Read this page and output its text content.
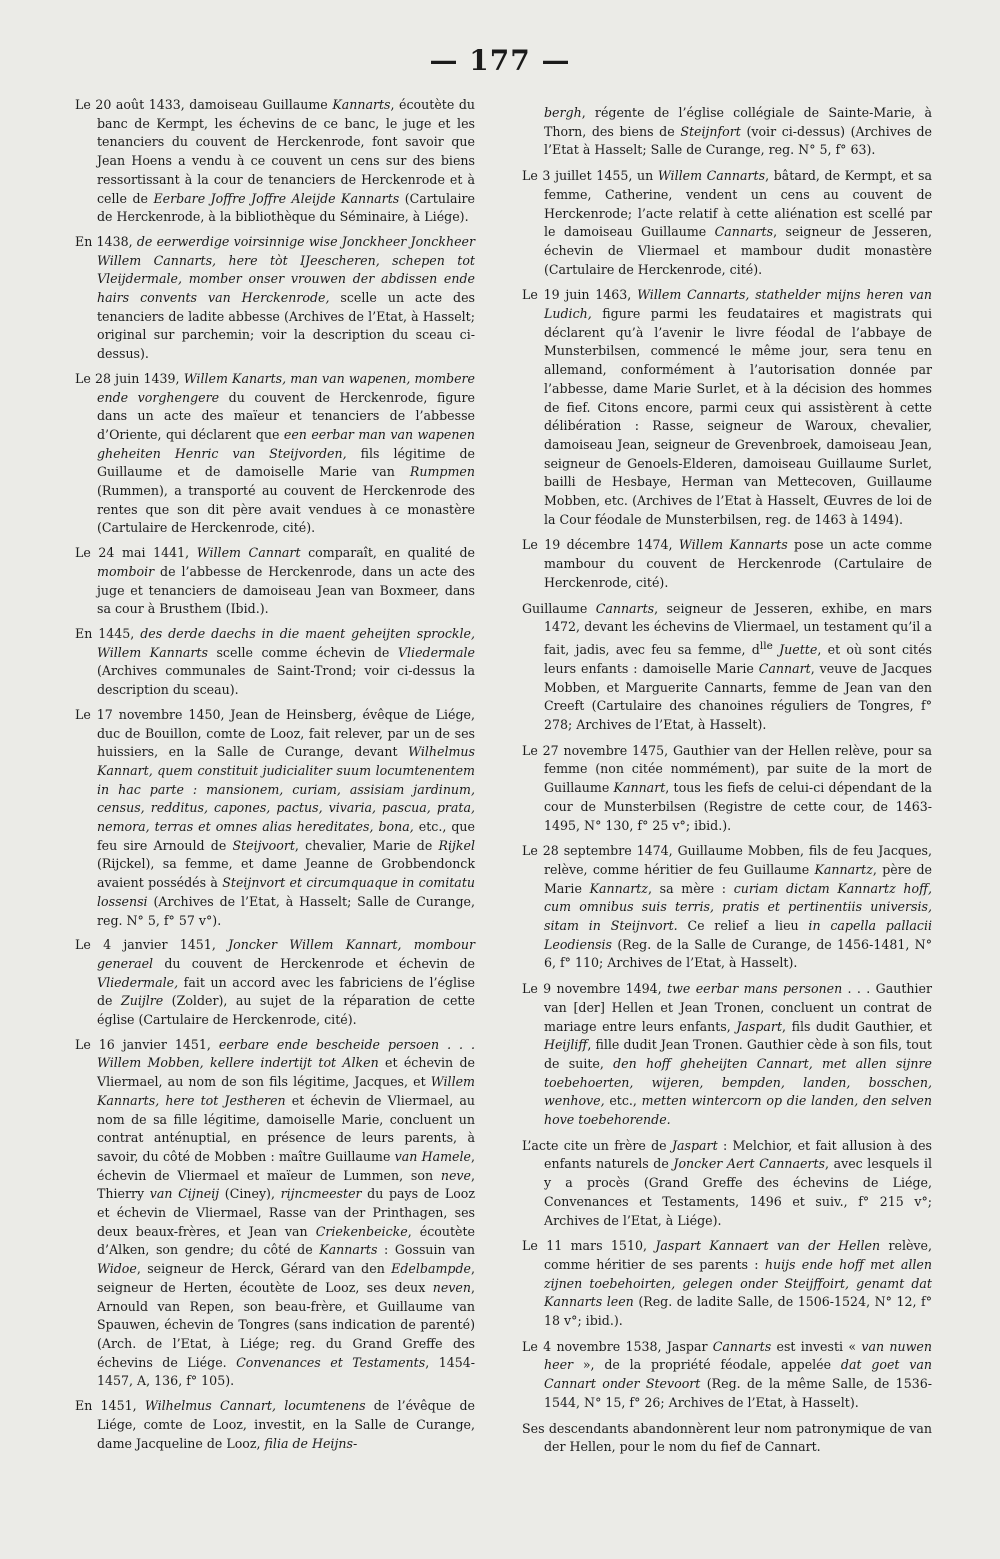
— 177 —

Le 20 août 1433, damoiseau Guillaume Kannarts, écoutète du banc de Kermpt, les échevins de ce banc, le juge et les tenanciers du couvent de Herckenrode, font savoir que Jean Hoens a vendu à ce couvent un cens sur des biens ressortissant à la cour de tenanciers de Herckenrode et à celle de Eerbare Joffre Joffre Aleijde Kannarts (Cartulaire de Herckenrode, à la bibliothèque du Séminaire, à Liége).

En 1438, de eerwerdige voirsinnige wise Jonckheer Jonckheer Willem Cannarts, here tòt IJeescheren, schepen tot Vleijdermale, momber onser vrouwen der abdissen ende hairs convents van Herckenrode, scelle un acte des tenanciers de ladite abbesse (Archives de l’Etat, à Hasselt; original sur parchemin; voir la description du sceau ci-dessus).

Le 28 juin 1439, Willem Kanarts, man van wapenen, mombere ende vorghengere du couvent de Herckenrode, figure dans un acte des maïeur et tenanciers de l’abbesse d’Oriente, qui déclarent que een eerbar man van wapenen gheheiten Henric van Steijvorden, fils légitime de Guillaume et de damoiselle Marie van Rumpmen (Rummen), a transporté au couvent de Herckenrode des rentes que son dit père avait vendues à ce monastère (Cartulaire de Herckenrode, cité).

Le 24 mai 1441, Willem Cannart comparaît, en qualité de momboir de l’abbesse de Herckenrode, dans un acte des juge et tenanciers de damoiseau Jean van Boxmeer, dans sa cour à Brusthem (Ibid.).

En 1445, des derde daechs in die maent geheijten sprockle, Willem Kannarts scelle comme échevin de Vliedermale (Archives communales de Saint-Trond; voir ci-dessus la description du sceau).

Le 17 novembre 1450, Jean de Heinsberg, évêque de Liége, duc de Bouillon, comte de Looz, fait relever, par un de ses huissiers, en la Salle de Curange, devant Wilhelmus Kannart, quem constituit judicialiter suum locumtenentem in hac parte : mansionem, curiam, assisiam jardinum, census, redditus, capones, pactus, vivaria, pascua, prata, nemora, terras et omnes alias hereditates, bona, etc., que feu sire Arnould de Steijvoort, chevalier, Marie de Rijkel (Rijckel), sa femme, et dame Jeanne de Grobbendonck avaient possédés à Steijnvort et circumquaque in comitatu lossensi (Archives de l’Etat, à Hasselt; Salle de Curange, reg. N° 5, f° 57 v°).

Le 4 janvier 1451, Joncker Willem Kannart, mombour generael du couvent de Herckenrode et échevin de Vliedermale, fait un accord avec les fabriciens de l’église de Zuijlre (Zolder), au sujet de la réparation de cette église (Cartulaire de Herckenrode, cité).

Le 16 janvier 1451, eerbare ende bescheide persoen . . . Willem Mobben, kellere indertijt tot Alken et échevin de Vliermael, au nom de son fils légitime, Jacques, et Willem Kannarts, here tot Jestheren et échevin de Vliermael, au nom de sa fille légitime, damoiselle Marie, concluent un contrat anténuptial, en présence de leurs parents, à savoir, du côté de Mobben : maître Guillaume van Hamele, échevin de Vliermael et maïeur de Lummen, son neve, Thierry van Cijneij (Ciney), rijncmeester du pays de Looz et échevin de Vliermael, Rasse van der Printhagen, ses deux beaux-frères, et Jean van Criekenbeicke, écoutète d’Alken, son gendre; du côté de Kannarts : Gossuin van Widoe, seigneur de Herck, Gérard van den Edelbampde, seigneur de Herten, écoutète de Looz, ses deux neven, Arnould van Repen, son beau-frère, et Guillaume van Spauwen, échevin de Tongres (sans indication de parenté) (Arch. de l’Etat, à Liége; reg. du Grand Greffe des échevins de Liége. Convenances et Testaments, 1454-1457, A, 136, f° 105).

En 1451, Wilhelmus Cannart, locumtenens de l’évêque de Liége, comte de Looz, investit, en la Salle de Curange, dame Jacqueline de Looz, filia de Heijns-

bergh, régente de l’église collégiale de Sainte-Marie, à Thorn, des biens de Steijnfort (voir ci-dessus) (Archives de l’Etat à Hasselt; Salle de Curange, reg. N° 5, f° 63).

Le 3 juillet 1455, un Willem Cannarts, bâtard, de Kermpt, et sa femme, Catherine, vendent un cens au couvent de Herckenrode; l’acte relatif à cette aliénation est scellé par le damoiseau Guillaume Cannarts, seigneur de Jesseren, échevin de Vliermael et mambour dudit monastère (Cartulaire de Herckenrode, cité).

Le 19 juin 1463, Willem Cannarts, stathelder mijns heren van Ludich, figure parmi les feudataires et magistrats qui déclarent qu’à l’avenir le livre féodal de l’abbaye de Munsterbilsen, commencé le même jour, sera tenu en allemand, conformément à l’autorisation donnée par l’abbesse, dame Marie Surlet, et à la décision des hommes de fief. Citons encore, parmi ceux qui assistèrent à cette délibération : Rasse, seigneur de Waroux, chevalier, damoiseau Jean, seigneur de Grevenbroek, damoiseau Jean, seigneur de Genoels-Elderen, damoiseau Guillaume Surlet, bailli de Hesbaye, Herman van Mettecoven, Guillaume Mobben, etc. (Archives de l’Etat à Hasselt, Œuvres de loi de la Cour féodale de Munsterbilsen, reg. de 1463 à 1494).

Le 19 décembre 1474, Willem Kannarts pose un acte comme mambour du couvent de Herckenrode (Cartulaire de Herckenrode, cité).

Guillaume Cannarts, seigneur de Jesseren, exhibe, en mars 1472, devant les échevins de Vliermael, un testament qu’il a fait, jadis, avec feu sa femme, $d^{lle}$ Juette, et où sont cités leurs enfants : damoiselle Marie Cannart, veuve de Jacques Mobben, et Marguerite Cannarts, femme de Jean van den Creeft (Cartulaire des chanoines réguliers de Tongres, f° 278; Archives de l’Etat, à Hasselt).

Le 27 novembre 1475, Gauthier van der Hellen relève, pour sa femme (non citée nommément), par suite de la mort de Guillaume Kannart, tous les fiefs de celui-ci dépendant de la cour de Munsterbilsen (Registre de cette cour, de 1463-1495, N° 130, f° 25 v°; ibid.).

Le 28 septembre 1474, Guillaume Mobben, fils de feu Jacques, relève, comme héritier de feu Guillaume Kannartz, père de Marie Kannartz, sa mère : curiam dictam Kannartz hoff, cum omnibus suis terris, pratis et pertinentiis universis, sitam in Steijnvort. Ce relief a lieu in capella pallacii Leodiensis (Reg. de la Salle de Curange, de 1456-1481, N° 6, f° 110; Archives de l’Etat, à Hasselt).

Le 9 novembre 1494, twe eerbar mans personen . . . Gauthier van [der] Hellen et Jean Tronen, concluent un contrat de mariage entre leurs enfants, Jaspart, fils dudit Gauthier, et Heijliff, fille dudit Jean Tronen. Gauthier cède à son fils, tout de suite, den hoff gheheijten Cannart, met allen sijnre toebehoerten, wijeren, bempden, landen, bosschen, wenhove, etc., metten wintercorn op die landen, den selven hove toebehorende.

L’acte cite un frère de Jaspart : Melchior, et fait allusion à des enfants naturels de Joncker Aert Cannaerts, avec lesquels il y a procès (Grand Greffe des échevins de Liége, Convenances et Testaments, 1496 et suiv., f° 215 v°; Archives de l’Etat, à Liége).

Le 11 mars 1510, Jaspart Kannaert van der Hellen relève, comme héritier de ses parents : huijs ende hoff met allen zijnen toebehoirten, gelegen onder Steijffoirt, genamt dat Kannarts leen (Reg. de ladite Salle, de 1506-1524, N° 12, f° 18 v°; ibid.).

Le 4 novembre 1538, Jaspar Cannarts est investi « van nuwen heer », de la propriété féodale, appelée dat goet van Cannart onder Stevoort (Reg. de la même Salle, de 1536-1544, N° 15, f° 26; Archives de l’Etat, à Hasselt).

Ses descendants abandonnèrent leur nom patronymique de van der Hellen, pour le nom du fief de Cannart.
